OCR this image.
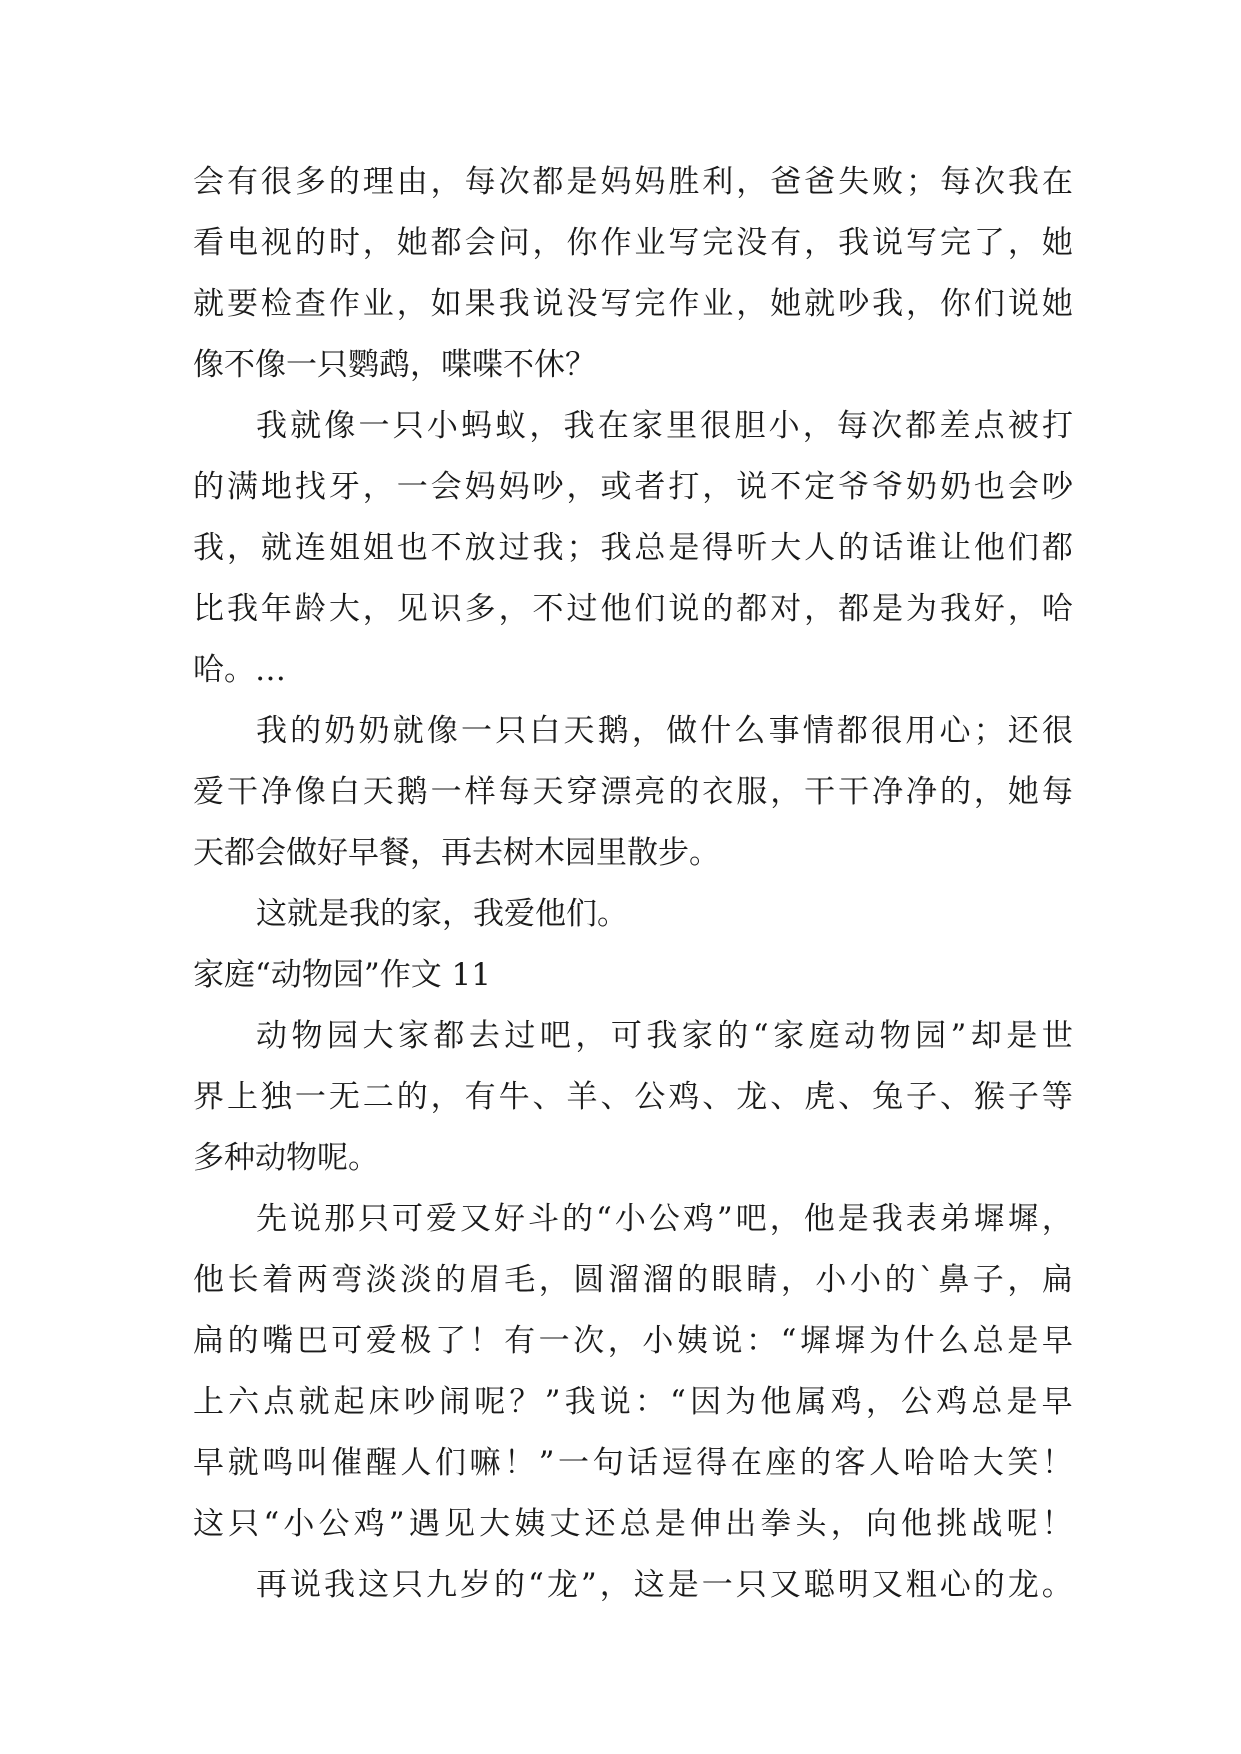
会 有 很 多 的 理 由 ， 每 次 都 是 妈 妈 胜 利 ， 爸 爸 失 败 ； 每 次 我 在
看 电 视 的 时 ， 她 都 会 问 ， 你 作 业 写 完 没 有 ， 我 说 写 完 了 ， 她
就 要 检 查 作 业 ， 如 果 我 说 没 写 完 作 业 ， 她 就 吵 我 ， 你 们 说 她
像不像一只鹦鹉，喋喋不休？
我 就 像 一 只 小 蚂 蚁 ， 我 在 家 里 很 胆 小 ， 每 次 都 差 点 被 打
的 满 地 找 牙 ， 一 会 妈 妈 吵 ， 或 者 打 ， 说 不 定 爷 爷 奶 奶 也 会 吵
我 ， 就 连 姐 姐 也 不 放 过 我 ； 我 总 是 得 听 大 人 的 话 谁 让 他 们 都
比 我 年 龄 大 ， 见 识 多 ， 不 过 他 们 说 的 都 对 ， 都 是 为 我 好 ， 哈
哈。…
我 的 奶 奶 就 像 一 只 白 天 鹅 ， 做 什 么 事 情 都 很 用 心 ； 还 很
爱 干 净 像 白 天 鹅 一 样 每 天 穿 漂 亮 的 衣 服 ， 干 干 净 净 的 ， 她 每
天都会做好早餐，再去树木园里散步。
这就是我的家，我爱他们。
家庭“动物园”作文 11
动 物 园 大 家 都 去 过 吧 ， 可 我 家 的 “ 家 庭 动 物 园 ” 却 是 世
界 上 独 一 无 二 的 ， 有 牛 、 羊 、 公 鸡 、 龙 、 虎 、 兔 子 、 猴 子 等
多种动物呢。
先 说 那 只 可 爱 又 好 斗 的 “ 小 公 鸡 ” 吧 ， 他 是 我 表 弟 墀 墀 ，
他 长 着 两 弯 淡 淡 的 眉 毛 ， 圆 溜 溜 的 眼 睛 ， 小 小 的 ` 鼻 子 ， 扁
扁 的 嘴 巴 可 爱 极 了 ！ 有 一 次 ， 小 姨 说 ： “ 墀 墀 为 什 么 总 是 早
上 六 点 就 起 床 吵 闹 呢 ？ ” 我 说 ： “ 因 为 他 属 鸡 ， 公 鸡 总 是 早
早 就 鸣 叫 催 醒 人 们 嘛 ！ ” 一 句 话 逗 得 在 座 的 客 人 哈 哈 大 笑 ！
这 只 “ 小 公 鸡 ” 遇 见 大 姨 丈 还 总 是 伸 出 拳 头 ， 向 他 挑 战 呢 ！
再 说 我 这 只 九 岁 的 “ 龙 ” ， 这 是 一 只 又 聪 明 又 粗 心 的 龙 。
